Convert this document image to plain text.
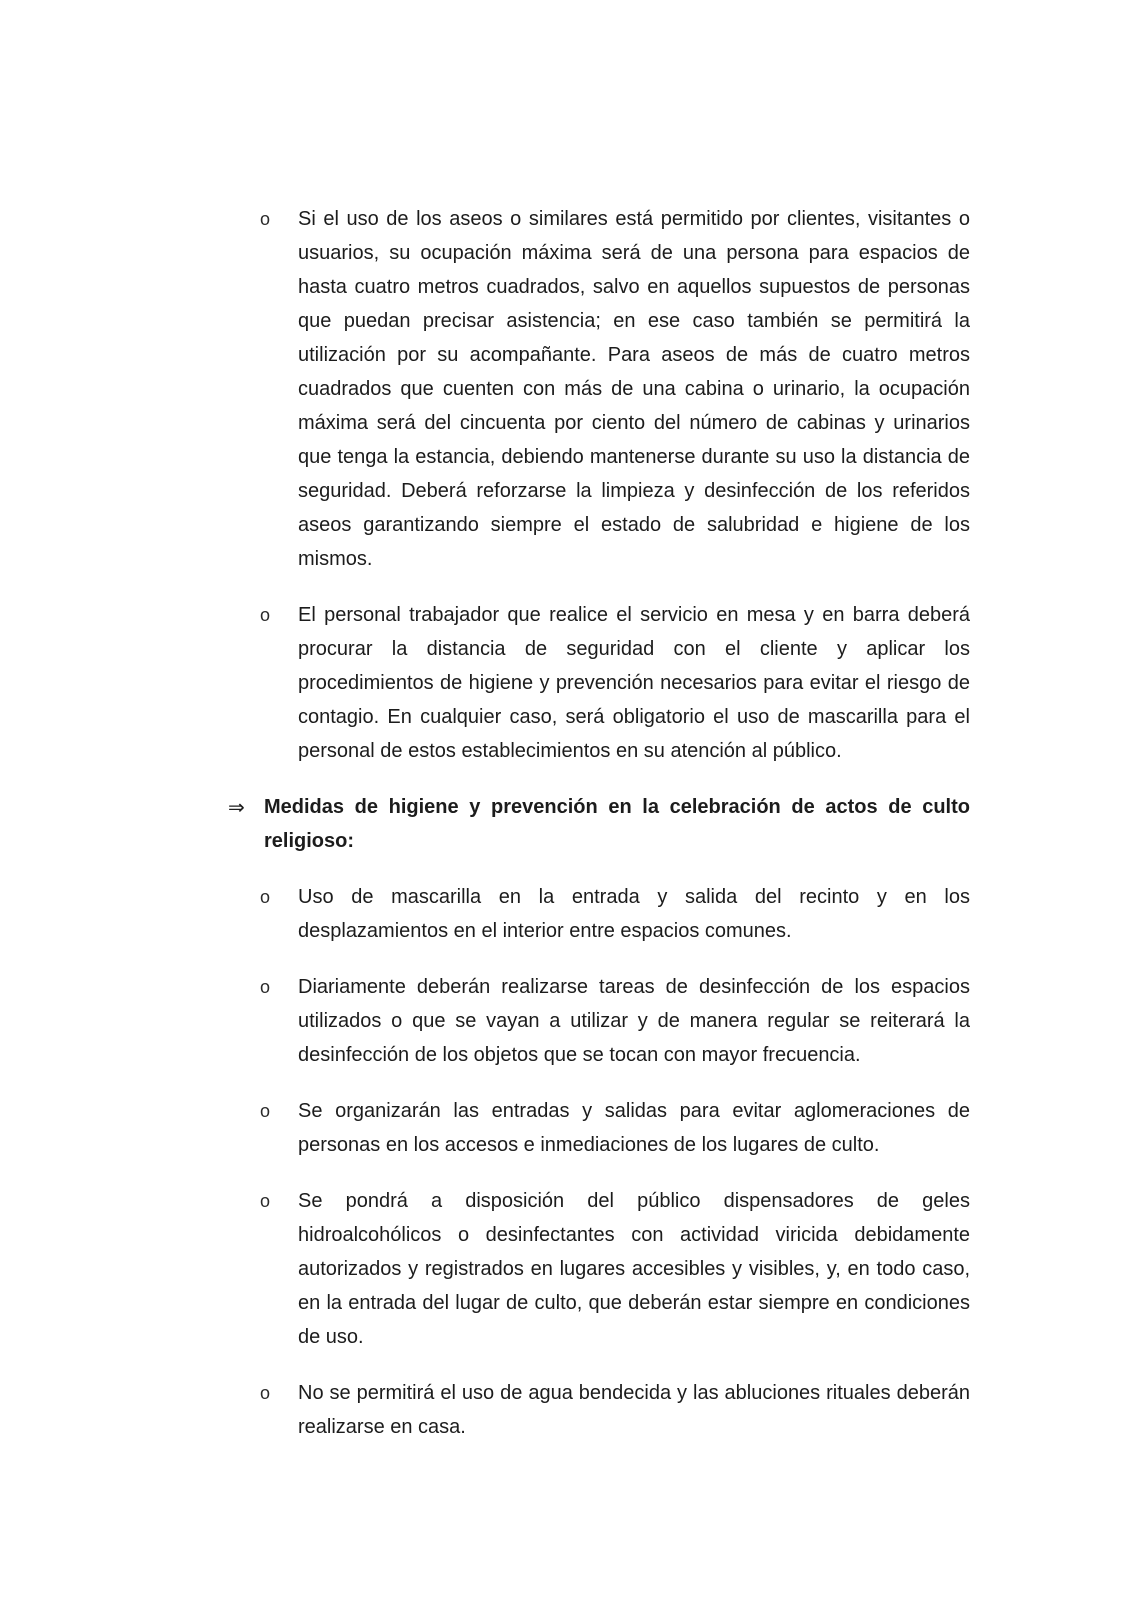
o Si el uso de los aseos o similares está permitido por clientes, visitantes o usuarios, su ocupación máxima será de una persona para espacios de hasta cuatro metros cuadrados, salvo en aquellos supuestos de personas que puedan precisar asistencia; en ese caso también se permitirá la utilización por su acompañante. Para aseos de más de cuatro metros cuadrados que cuenten con más de una cabina o urinario, la ocupación máxima será del cincuenta por ciento del número de cabinas y urinarios que tenga la estancia, debiendo mantenerse durante su uso la distancia de seguridad. Deberá reforzarse la limpieza y desinfección de los referidos aseos garantizando siempre el estado de salubridad e higiene de los mismos.
o El personal trabajador que realice el servicio en mesa y en barra deberá procurar la distancia de seguridad con el cliente y aplicar los procedimientos de higiene y prevención necesarios para evitar el riesgo de contagio. En cualquier caso, será obligatorio el uso de mascarilla para el personal de estos establecimientos en su atención al público.
⇒ Medidas de higiene y prevención en la celebración de actos de culto religioso:
o Uso de mascarilla en la entrada y salida del recinto y en los desplazamientos en el interior entre espacios comunes.
o Diariamente deberán realizarse tareas de desinfección de los espacios utilizados o que se vayan a utilizar y de manera regular se reiterará la desinfección de los objetos que se tocan con mayor frecuencia.
o Se organizarán las entradas y salidas para evitar aglomeraciones de personas en los accesos e inmediaciones de los lugares de culto.
o Se pondrá a disposición del público dispensadores de geles hidroalcohólicos o desinfectantes con actividad viricida debidamente autorizados y registrados en lugares accesibles y visibles, y, en todo caso, en la entrada del lugar de culto, que deberán estar siempre en condiciones de uso.
o No se permitirá el uso de agua bendecida y las abluciones rituales deberán realizarse en casa.
